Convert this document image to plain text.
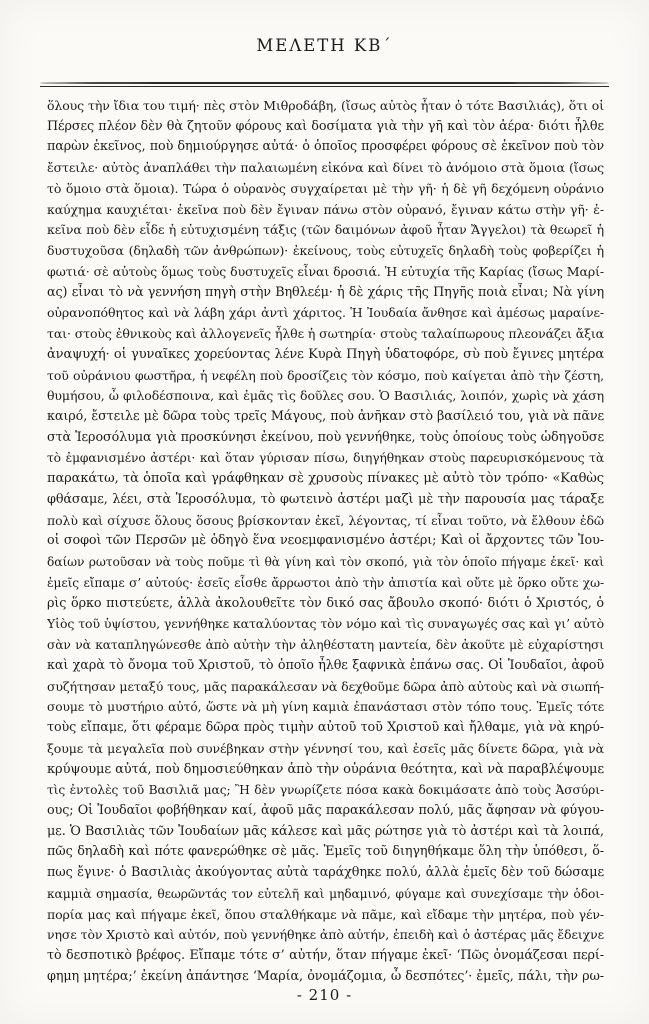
ΜΕΛΕΤΗ ΚΒ´
ὅλους τὴν ἴδια του τιμή· πὲς στὸν Μιθροδάβη, (ἴσως αὐτὸς ἦταν ὁ τότε Βασιλιάς), ὅτι οἱ
Πέρσες πλέον δὲν θὰ ζητοῦν φόρους καὶ δοσίματα γιὰ τὴν γῆ καὶ τὸν ἀέρα· διότι ἦλθε
παρὼν ἐκεῖνος, ποὺ δημιούργησε αὐτά· ὁ ὁποῖος προσφέρει φόρους σὲ ἐκεῖνον ποὺ τὸν
ἔστειλε· αὐτὸς ἀναπλάθει τὴν παλαιωμένη εἰκόνα καὶ δίνει τὸ ἀνόμοιο στὰ ὅμοια (ἴσως
τὸ ὅμοιο στὰ ὅμοια). Τώρα ὁ οὐρανὸς συγχαίρεται μὲ τὴν γῆ· ἡ δὲ γῆ δεχόμενη οὐράνιο
καύχημα καυχιέται· ἐκεῖνα ποὺ δὲν ἔγιναν πάνω στὸν οὐρανό, ἔγιναν κάτω στὴν γῆ· ἐ-
κεῖνα ποὺ δὲν εἶδε ἡ εὐτυχισμένη τάξις (τῶν δαιμόνων ἀφοῦ ἦταν Ἄγγελοι) τὰ θεωρεῖ ἡ
δυστυχοῦσα (δηλαδὴ τῶν ἀνθρώπων)· ἐκείνους, τοὺς εὐτυχεῖς δηλαδὴ τοὺς φοβερίζει ἡ
φωτιά· σὲ αὐτοὺς ὅμως τοὺς δυστυχεῖς εἶναι δροσιά. Ἡ εὐτυχία τῆς Καρίας (ἴσως Μαρί-
ας) εἶναι τὸ νὰ γεννήση πηγὴ στὴν Βηθλεέμ· ἡ δὲ χάρις τῆς Πηγῆς ποιὰ εἶναι; Νὰ γίνη
οὐρανοπόθητος καὶ νὰ λάβη χάρι ἀντὶ χάριτος. Ἡ Ἰουδαία ἄνθησε καὶ ἀμέσως μαραίνε-
ται· στοὺς ἐθνικοὺς καὶ ἀλλογενεῖς ἦλθε ἡ σωτηρία· στοὺς ταλαίπωρους πλεονάζει ἄξια
ἀναψυχή· οἱ γυναῖκες χορεύοντας λένε Κυρὰ Πηγὴ ὑδατοφόρε, σὺ ποὺ ἔγινες μητέρα
τοῦ οὐράνιου φωστῆρα, ἡ νεφέλη ποὺ δροσίζεις τὸν κόσμο, ποὺ καίγεται ἀπὸ τὴν ζέστη,
θυμήσου, ὦ φιλοδέσποινα, καὶ ἐμᾶς τὶς δοῦλες σου. Ὁ Βασιλιάς, λοιπόν, χωρὶς νὰ χάση
καιρό, ἔστειλε μὲ δῶρα τοὺς τρεῖς Μάγους, ποὺ ἀνῆκαν στὸ βασίλειό του, γιὰ νὰ πᾶνε
στὰ Ἱεροσόλυμα γιὰ προσκύνησι ἐκείνου, ποὺ γεννήθηκε, τοὺς ὁποίους τοὺς ὡδηγοῦσε
τὸ ἐμφανισμένο ἀστέρι· καὶ ὅταν γύρισαν πίσω, διηγήθηκαν στοὺς παρευρισκόμενους τὰ
παρακάτω, τὰ ὁποῖα καὶ γράφθηκαν σὲ χρυσοὺς πίνακες μὲ αὐτὸ τὸν τρόπο· «Καθὼς
φθάσαμε, λέει, στὰ Ἱεροσόλυμα, τὸ φωτεινὸ ἀστέρι μαζὶ μὲ τὴν παρουσία μας τάραξε
πολὺ καὶ σίχυσε ὅλους ὅσους βρίσκονταν ἐκεῖ, λέγοντας, τί εἶναι τοῦτο, νὰ ἔλθουν ἐδῶ
οἱ σοφοὶ τῶν Περσῶν μὲ ὁδηγὸ ἕνα νεοεμφανισμένο ἀστέρι; Καὶ οἱ ἄρχοντες τῶν Ἰου-
δαίων ρωτοῦσαν νὰ τοὺς ποῦμε τὶ θὰ γίνη καὶ τὸν σκοπό, γιὰ τὸν ὁποῖο πήγαμε ἐκεῖ· καὶ
ἐμεῖς εἴπαμε σ’ αὐτούς· ἐσεῖς εἶσθε ἄρρωστοι ἀπὸ τὴν ἀπιστία καὶ οὔτε μὲ ὅρκο οὔτε χω-
ρὶς ὅρκο πιστεύετε, ἀλλὰ ἀκολουθεῖτε τὸν δικό σας ἄβουλο σκοπό· διότι ὁ Χριστός, ὁ
Υἱὸς τοῦ ὑψίστου, γεννήθηκε καταλύοντας τὸν νόμο καὶ τὶς συναγωγές σας καὶ γι’ αὐτὸ
σὰν νὰ καταπληγώνεσθε ἀπὸ αὐτὴν τὴν ἀληθέστατη μαντεία, δὲν ἀκοῦτε μὲ εὐχαρίστησι
καὶ χαρὰ τὸ ὄνομα τοῦ Χριστοῦ, τὸ ὁποῖο ἦλθε ξαφνικὰ ἐπάνω σας. Οἱ Ἰουδαῖοι, ἀφοῦ
συζήτησαν μεταξύ τους, μᾶς παρακάλεσαν νὰ δεχθοῦμε δῶρα ἀπὸ αὐτοὺς καὶ νὰ σιωπή-
σουμε τὸ μυστήριο αὐτό, ὥστε νὰ μὴ γίνη καμιὰ ἐπανάστασι στὸν τόπο τους. Ἐμεῖς τότε
τοὺς εἴπαμε, ὅτι φέραμε δῶρα πρὸς τιμὴν αὐτοῦ τοῦ Χριστοῦ καὶ ἤλθαμε, γιὰ νὰ κηρύ-
ξουμε τὰ μεγαλεῖα ποὺ συνέβηκαν στὴν γέννησί του, καὶ ἐσεῖς μᾶς δίνετε δῶρα, γιὰ νὰ
κρύψουμε αὐτά, ποὺ δημοσιεύθηκαν ἀπὸ τὴν οὐράνια θεότητα, καὶ νὰ παραβλέψουμε
τὶς ἐντολὲς τοῦ Βασιλιᾶ μας; Ἢ δὲν γνωρίζετε πόσα κακὰ δοκιμάσατε ἀπὸ τοὺς Ἀσσύρι-
ους; Οἱ Ἰουδαῖοι φοβήθηκαν καί, ἀφοῦ μᾶς παρακάλεσαν πολύ, μᾶς ἄφησαν νὰ φύγου-
με. Ὁ Βασιλιὰς τῶν Ἰουδαίων μᾶς κάλεσε καὶ μᾶς ρώτησε γιὰ τὸ ἀστέρι καὶ τὰ λοιπά,
πῶς δηλαδὴ καὶ πότε φανερώθηκε σὲ μᾶς. Ἐμεῖς τοῦ διηγηθήκαμε ὅλη τὴν ὑπόθεσι, ὅ-
πως ἔγινε· ὁ Βασιλιὰς ἀκούγοντας αὐτὰ ταράχθηκε πολύ, ἀλλὰ ἐμεῖς δὲν τοῦ δώσαμε
καμμιὰ σημασία, θεωρῶντάς τον εὐτελῆ καὶ μηδαμινό, φύγαμε καὶ συνεχίσαμε τὴν ὁδοι-
πορία μας καὶ πήγαμε ἐκεῖ, ὅπου σταλθήκαμε νὰ πᾶμε, καὶ εἴδαμε τὴν μητέρα, ποὺ γέν-
νησε τὸν Χριστὸ καὶ αὐτόν, ποὺ γεννήθηκε ἀπὸ αὐτήν, ἐπειδὴ καὶ ὁ ἀστέρας μᾶς ἔδειχνε
τὸ δεσποτικὸ βρέφος. Εἴπαμε τότε σ’ αὐτήν, ὅταν πήγαμε ἐκεῖ· ‘Πῶς ὀνομάζεσαι περί-
φημη μητέρα;’ ἐκείνη ἀπάντησε ‘Μαρία, ὀνομάζομια, ὦ δεσπότες’· ἐμεῖς, πάλι, τὴν ρω-
- 210 -
